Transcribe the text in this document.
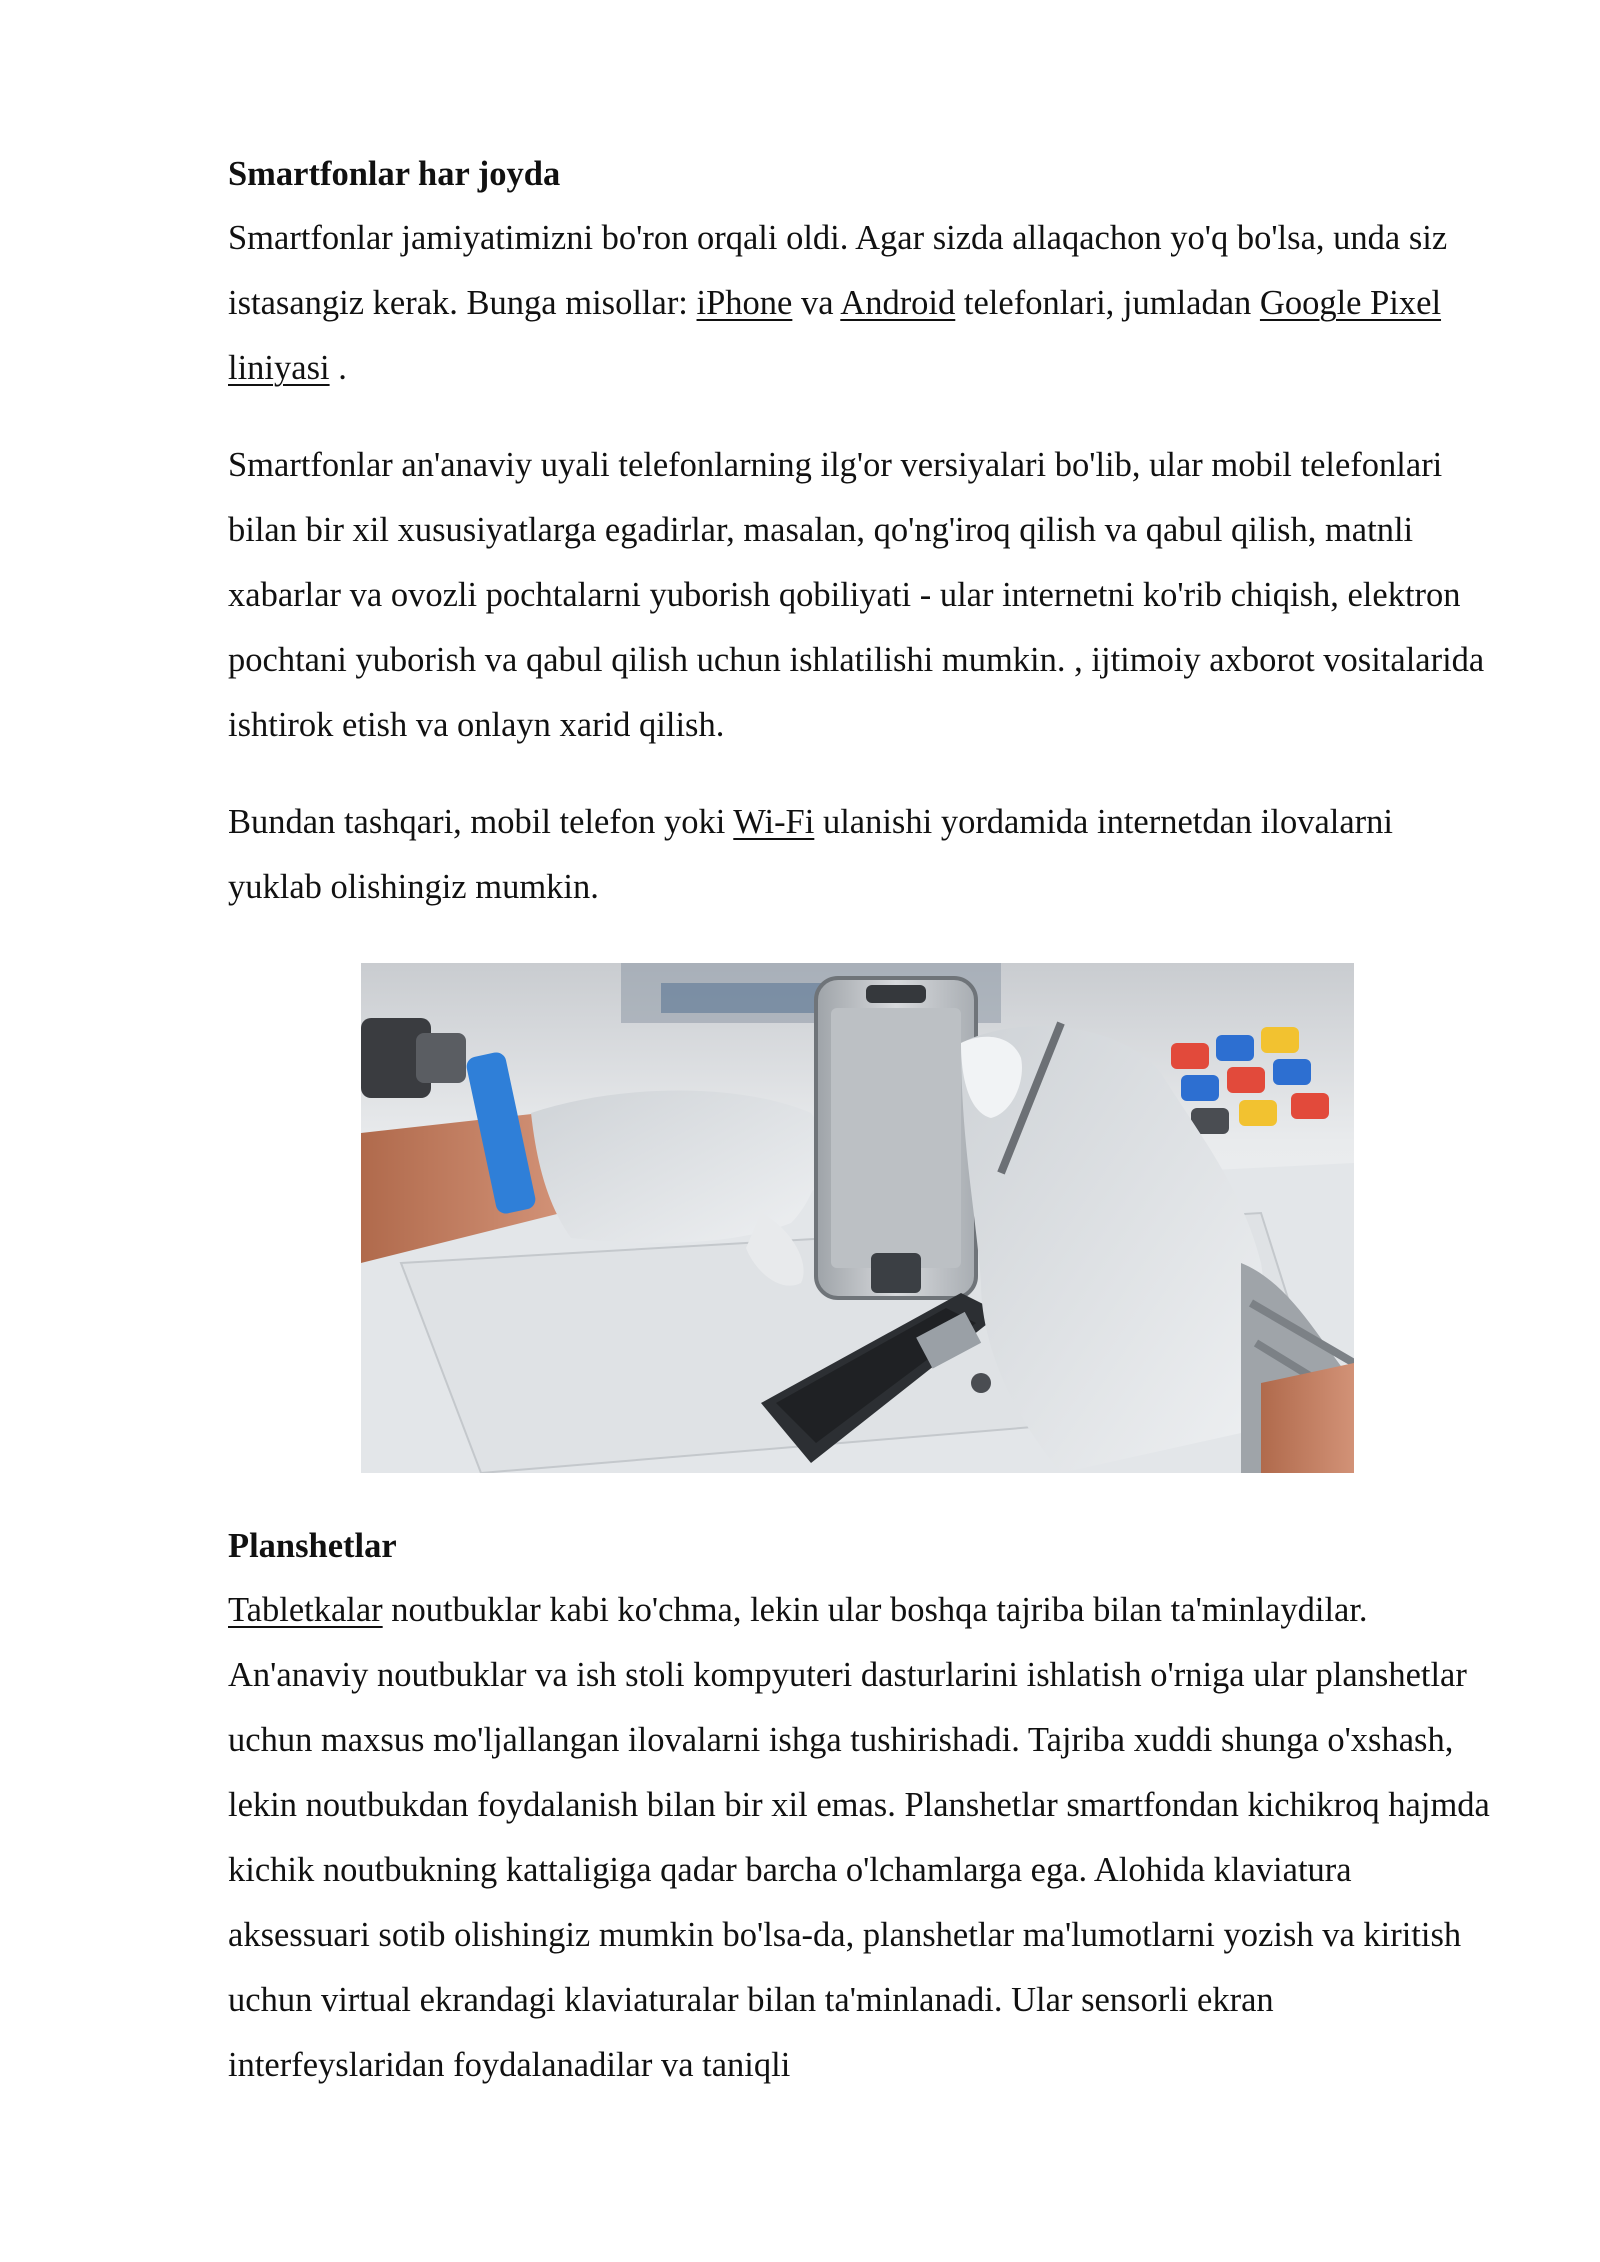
Smartfonlar har joyda

Smartfonlar jamiyatimizni bo'ron orqali oldi. Agar sizda allaqachon yo'q bo'lsa, unda siz istasangiz kerak. Bunga misollar: iPhone va Android telefonlari, jumladan Google Pixel liniyasi .

Smartfonlar an'anaviy uyali telefonlarning ilg'or versiyalari bo'lib, ular mobil telefonlari bilan bir xil xususiyatlarga egadirlar, masalan, qo'ng'iroq qilish va qabul qilish, matnli xabarlar va ovozli pochtalarni yuborish qobiliyati - ular internetni ko'rib chiqish, elektron pochtani yuborish va qabul qilish uchun ishlatilishi mumkin. , ijtimoiy axborot vositalarida ishtirok etish va onlayn xarid qilish.

Bundan tashqari, mobil telefon yoki Wi-Fi ulanishi yordamida internetdan ilovalarni yuklab olishingiz mumkin.

Planshetlar

Tabletkalar noutbuklar kabi ko'chma, lekin ular boshqa tajriba bilan ta'minlaydilar. An'anaviy noutbuklar va ish stoli kompyuteri dasturlarini ishlatish o'rniga ular planshetlar uchun maxsus mo'ljallangan ilovalarni ishga tushirishadi. Tajriba xuddi shunga o'xshash, lekin noutbukdan foydalanish bilan bir xil emas. Planshetlar smartfondan kichikroq hajmda kichik noutbukning kattaligiga qadar barcha o'lchamlarga ega. Alohida klaviatura aksessuari sotib olishingiz mumkin bo'lsa-da, planshetlar ma'lumotlarni yozish va kiritish uchun virtual ekrandagi klaviaturalar bilan ta'minlanadi. Ular sensorli ekran interfeyslaridan foydalanadilar va taniqli
